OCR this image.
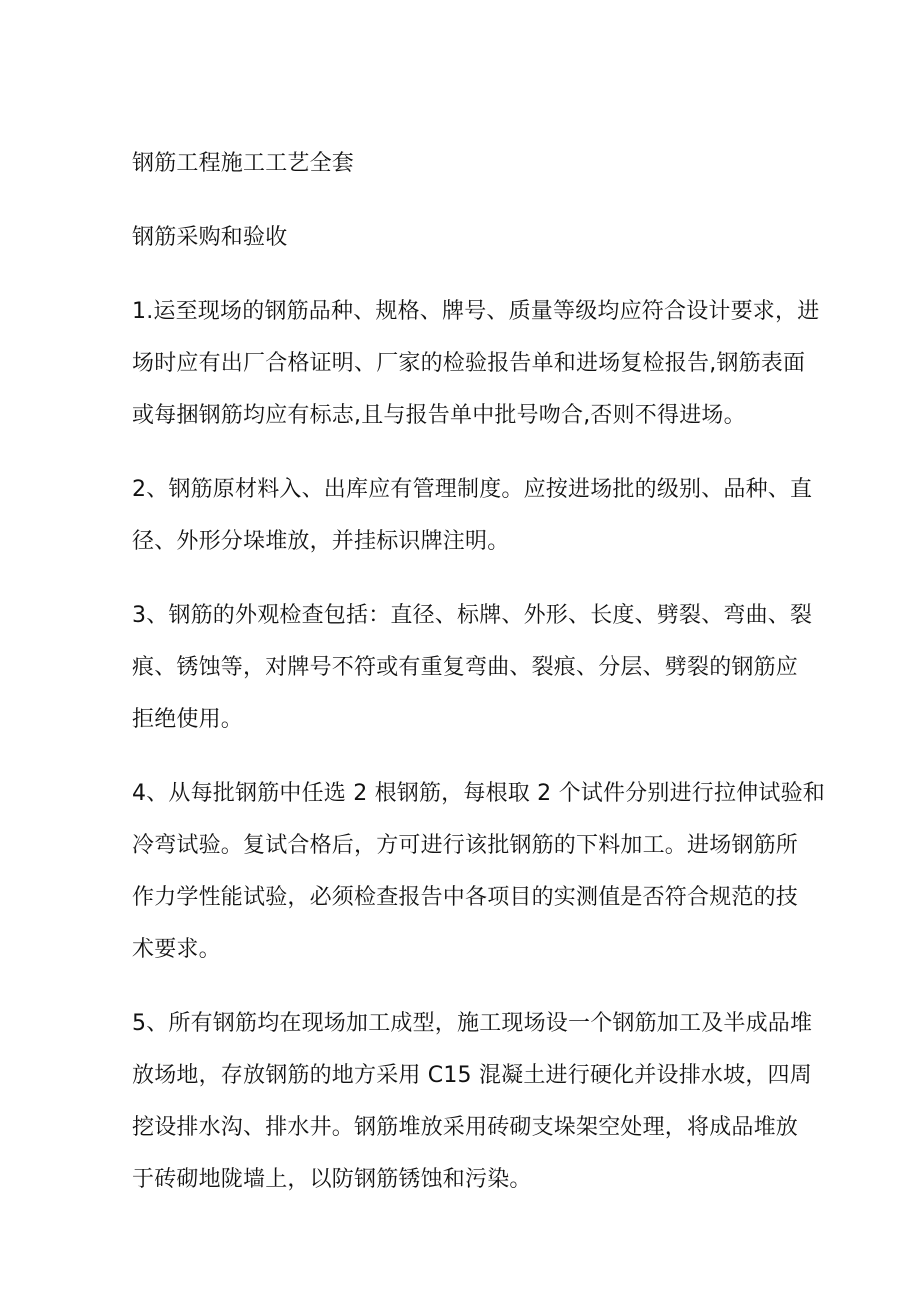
钢筋工程施工工艺全套
钢筋采购和验收
1.运至现场的钢筋品种、规格、牌号、质量等级均应符合设计要求，进
场时应有出厂合格证明、厂家的检验报告单和进场复检报告,钢筋表面
或每捆钢筋均应有标志,且与报告单中批号吻合,否则不得进场。
2、钢筋原材料入、出库应有管理制度。应按进场批的级别、品种、直
径、外形分垛堆放，并挂标识牌注明。
3、钢筋的外观检查包括：直径、标牌、外形、长度、劈裂、弯曲、裂
痕、锈蚀等，对牌号不符或有重复弯曲、裂痕、分层、劈裂的钢筋应
拒绝使用。
4、从每批钢筋中任选 2 根钢筋，每根取 2 个试件分别进行拉伸试验和
冷弯试验。复试合格后，方可进行该批钢筋的下料加工。进场钢筋所
作力学性能试验，必须检查报告中各项目的实测值是否符合规范的技
术要求。
5、所有钢筋均在现场加工成型，施工现场设一个钢筋加工及半成品堆
放场地，存放钢筋的地方采用 C15 混凝土进行硬化并设排水坡，四周
挖设排水沟、排水井。钢筋堆放采用砖砌支垛架空处理，将成品堆放
于砖砌地陇墙上，以防钢筋锈蚀和污染。
